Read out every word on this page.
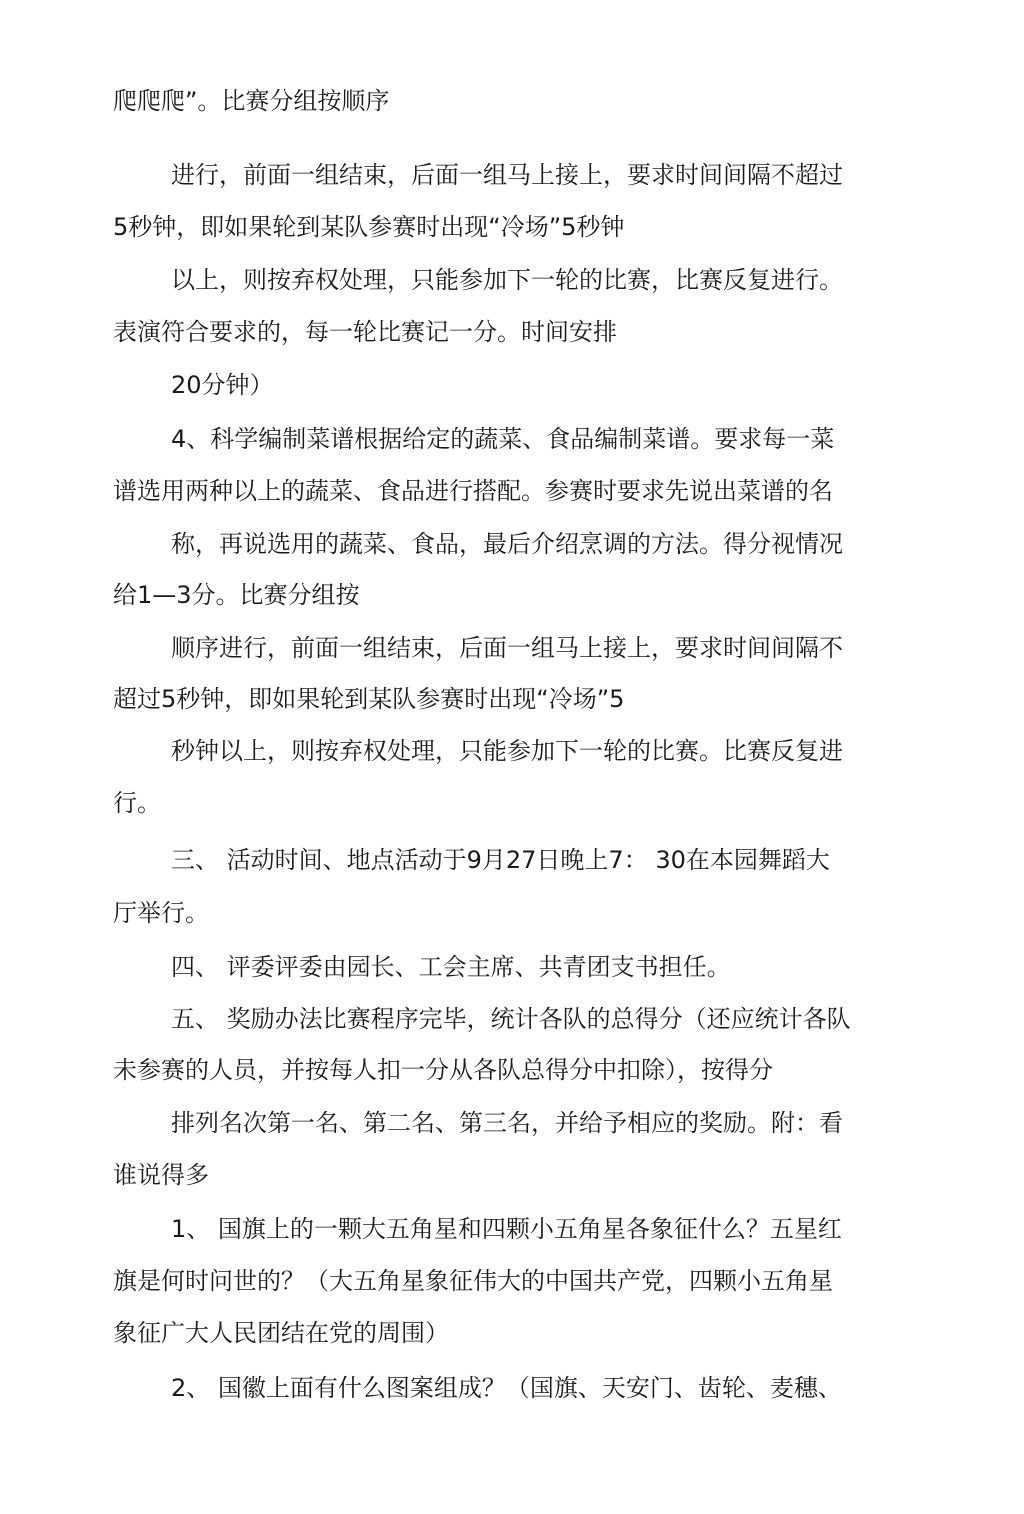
爬爬爬”。比赛分组按顺序
进行，前面一组结束，后面一组马上接上，要求时间间隔不超过
5秒钟，即如果轮到某队参赛时出现“冷场”5秒钟
以上，则按弃权处理，只能参加下一轮的比赛，比赛反复进行。
表演符合要求的，每一轮比赛记一分。时间安排
20分钟）
4、科学编制菜谱根据给定的蔬菜、食品编制菜谱。要求每一菜
谱选用两种以上的蔬菜、食品进行搭配。参赛时要求先说出菜谱的名
称，再说选用的蔬菜、食品，最后介绍烹调的方法。得分视情况
给1—3分。比赛分组按
顺序进行，前面一组结束，后面一组马上接上，要求时间间隔不
超过5秒钟，即如果轮到某队参赛时出现“冷场”5
秒钟以上，则按弃权处理，只能参加下一轮的比赛。比赛反复进
行。
三、 活动时间、地点活动于9月27日晚上7： 30在本园舞蹈大
厅举行。
四、 评委评委由园长、工会主席、共青团支书担任。
五、 奖励办法比赛程序完毕，统计各队的总得分（还应统计各队
未参赛的人员，并按每人扣一分从各队总得分中扣除），按得分
排列名次第一名、第二名、第三名，并给予相应的奖励。附：看
谁说得多
1、 国旗上的一颗大五角星和四颗小五角星各象征什么？五星红
旗是何时问世的？（大五角星象征伟大的中国共产党，四颗小五角星
象征广大人民团结在党的周围）
2、 国徽上面有什么图案组成？（国旗、天安门、齿轮、麦穗、
